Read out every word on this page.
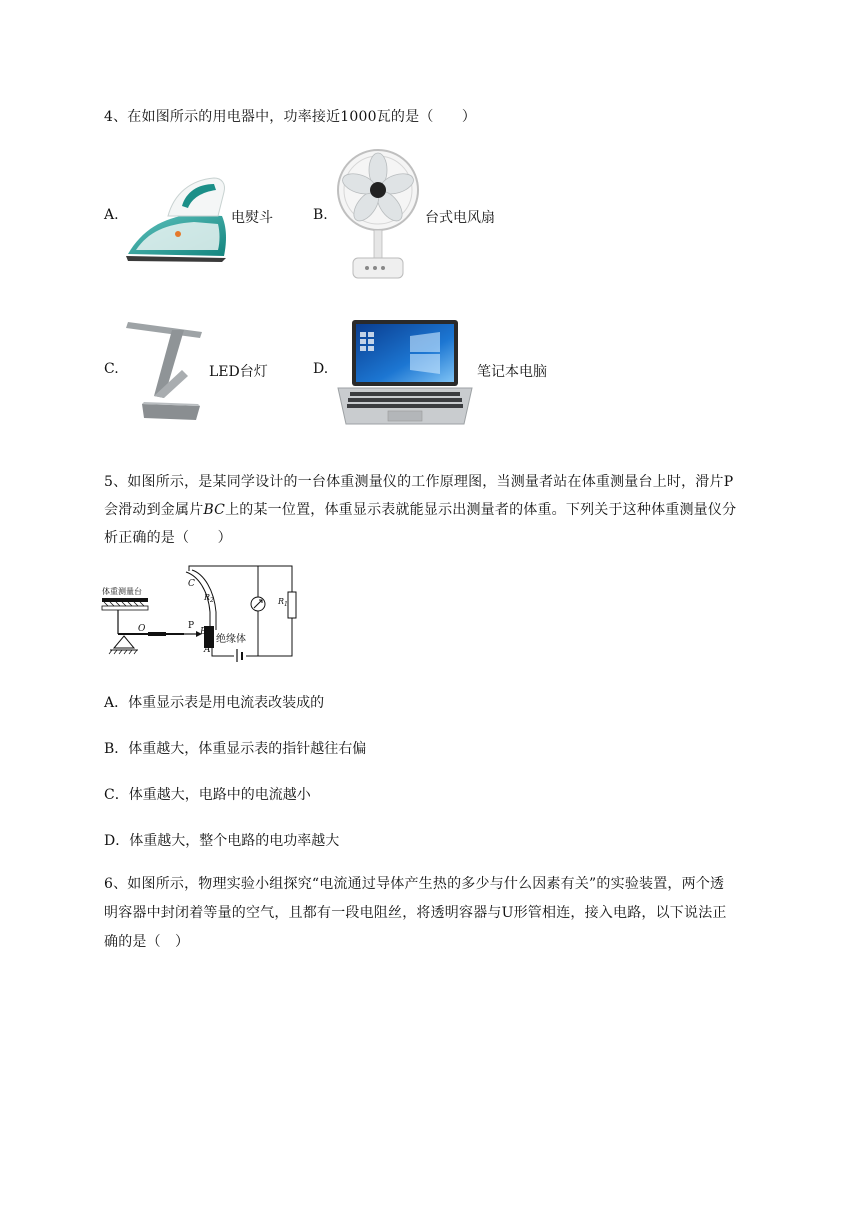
4、在如图所示的用电器中，功率接近1000瓦的是（　　）
A.	电熨斗	B.	台式电风扇
C.	LED台灯	D.	笔记本电脑
5、如图所示，是某同学设计的一台体重测量仪的工作原理图，当测量者站在体重测量台上时，滑片P
会滑动到金属片BC上的某一位置，体重显示表就能显示出测量者的体重。下列关于这种体重测量仪分
析正确的是（　　）
体重测量台
O	P
C
$R_2$
B
A
绝缘体
$R_1$
A．体重显示表是用电流表改装成的
B．体重越大，体重显示表的指针越往右偏
C．体重越大，电路中的电流越小
D．体重越大，整个电路的电功率越大
6、如图所示，物理实验小组探究“电流通过导体产生热的多少与什么因素有关”的实验装置，两个透
明容器中封闭着等量的空气，且都有一段电阻丝，将透明容器与U形管相连，接入电路，以下说法正
确的是（　）
